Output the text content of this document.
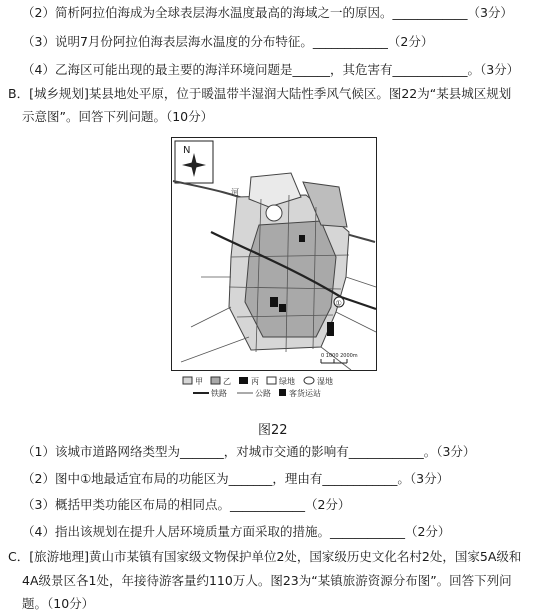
（2）简析阿拉伯海成为全球表层海水温度最高的海域之一的原因。____________（3分）
（3）说明7月份阿拉伯海表层海水温度的分布特征。____________（2分）
（4）乙海区可能出现的最主要的海洋环境问题是______，其危害有____________。（3分）
B．[城乡规划]某县地处平原，位于暖温带半湿润大陆性季风气候区。图22为“某县城区规划
示意图”。回答下列问题。（10分）
N
河
①
0 1000 2000m
甲	乙	丙	绿地	湿地
铁路	公路 客货运站
图22
（1）该城市道路网络类型为_______，对城市交通的影响有____________。（3分）
（2）图中①地最适宜布局的功能区为_______，理由有____________。（3分）
（3）概括甲类功能区布局的相同点。____________（2分）
（4）指出该规划在提升人居环境质量方面采取的措施。____________（2分）
C．[旅游地理]黄山市某镇有国家级文物保护单位2处，国家级历史文化名村2处，国家5A级和
4A级景区各1处，年接待游客量约110万人。图23为“某镇旅游资源分布图”。回答下列问
题。（10分）
